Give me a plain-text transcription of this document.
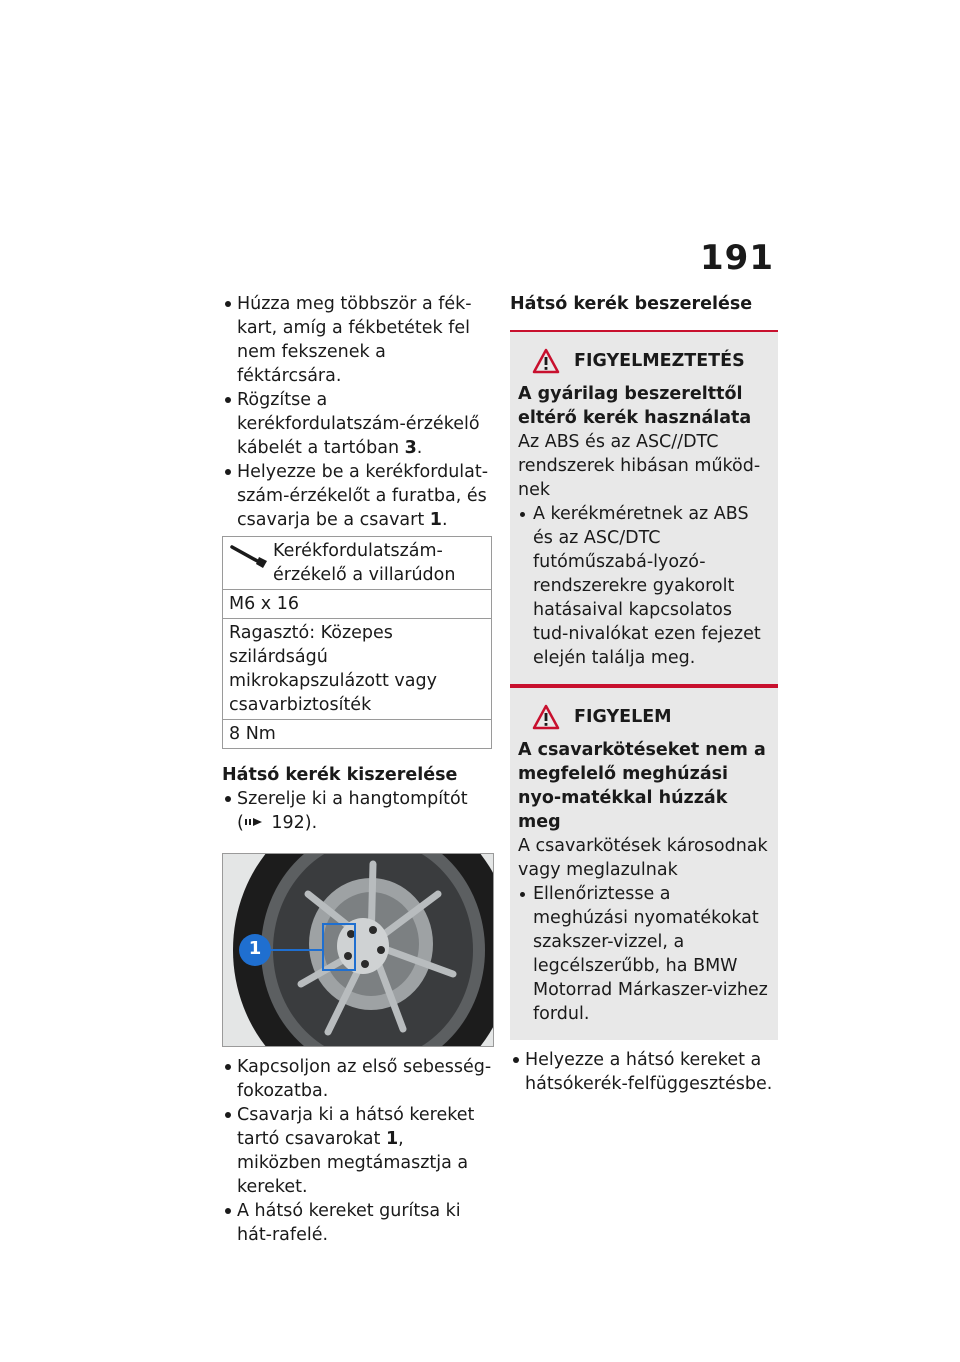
191

Húzza meg többször a fék-kart, amíg a fékbetétek fel nem fekszenek a féktárcsára.

Rögzítse a kerékfordulatszám-érzékelő kábelét a tartóban 3.

Helyezze be a kerékfordulat-szám-érzékelőt a furatba, és csavarja be a csavart 1.

Kerékfordulatszám-érzékelő a villarúdon

M6 x 16
Ragasztó: Közepes szilárdságú mikrokapszulázott vagy csavarbiztosíték
8 Nm

Hátsó kerék kiszerelése

Szerelje ki a hangtompítót
( 192).

1

Kapcsoljon az első sebesség-fokozatba.

Csavarja ki a hátsó kereket tartó csavarokat 1, miközben megtámasztja a kereket.

A hátsó kereket gurítsa ki hát-rafelé.

Hátsó kerék beszerelése

FIGYELMEZTETÉS

A gyárilag beszerelttől eltérő kerék használata

Az ABS és az ASC//DTC rendszerek hibásan működ-nek

A kerékméretnek az ABS és az ASC/DTC futóműszabá-lyozó-rendszerekre gyakorolt hatásaival kapcsolatos tud-nivalókat ezen fejezet elején találja meg.

FIGYELEM

A csavarkötéseket nem a megfelelő meghúzási nyo-matékkal húzzák meg

A csavarkötések károsodnak vagy meglazulnak

Ellenőriztesse a meghúzási nyomatékokat szakszer-vizzel, a legcélszerűbb, ha BMW Motorrad Márkaszer-vizhez fordul.

Helyezze a hátsó kereket a hátsókerék-felfüggesztésbe.
